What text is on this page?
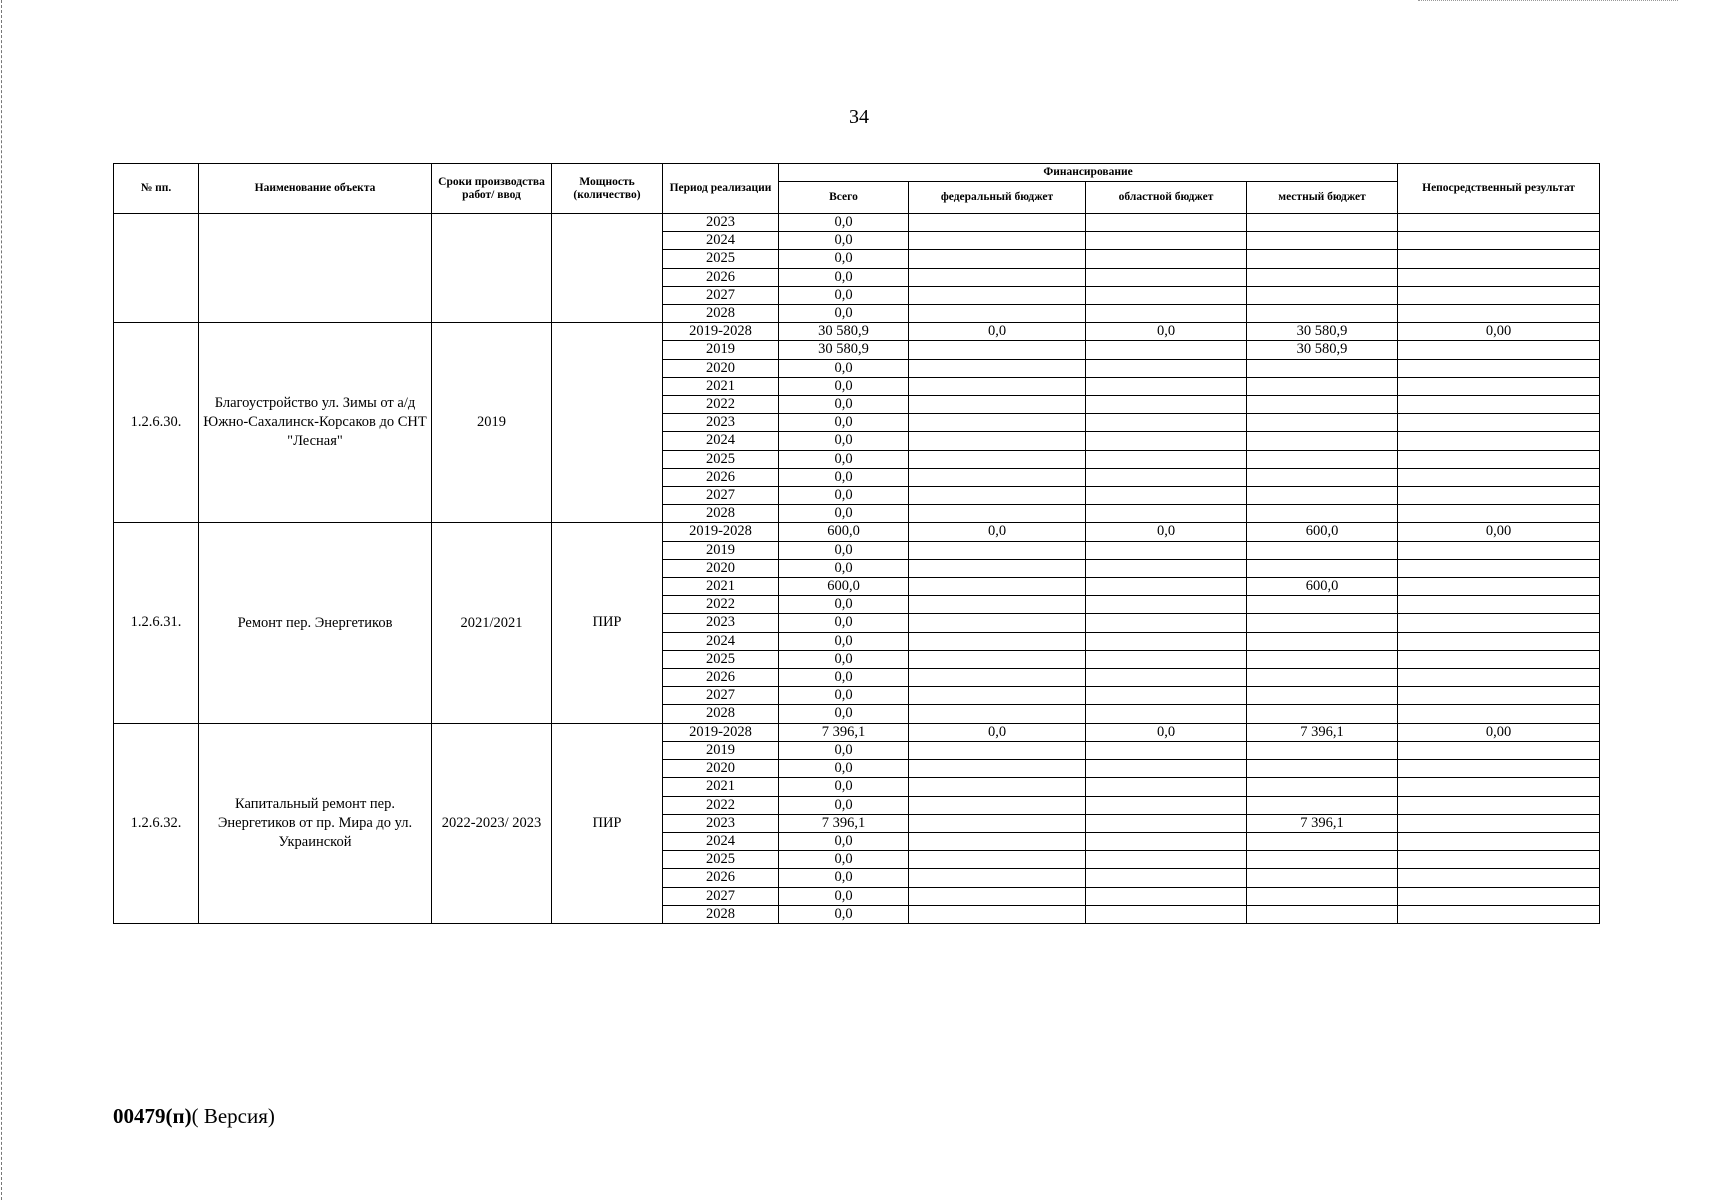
34
№ пп.	Наименование объекта	Сроки производства работ/ ввод	Мощность (количество)	Период реализации	Финансирование				Непосредственный результат
					Всего	федеральный бюджет	областной бюджет	местный бюджет	
				2023	0,0				
				2024	0,0				
				2025	0,0				
				2026	0,0				
				2027	0,0				
				2028	0,0				
1.2.6.30.	Благоустройство ул. Зимы от а/д Южно-Сахалинск-Корсаков до СНТ "Лесная"	2019		2019-2028	30 580,9	0,0	0,0	30 580,9	0,00
				2019	30 580,9			30 580,9	
				2020	0,0				
				2021	0,0				
				2022	0,0				
				2023	0,0				
				2024	0,0				
				2025	0,0				
				2026	0,0				
				2027	0,0				
				2028	0,0				
1.2.6.31.	Ремонт пер. Энергетиков	2021/2021	ПИР	2019-2028	600,0	0,0	0,0	600,0	0,00
				2019	0,0				
				2020	0,0				
				2021	600,0			600,0	
				2022	0,0				
				2023	0,0				
				2024	0,0				
				2025	0,0				
				2026	0,0				
				2027	0,0				
				2028	0,0				
1.2.6.32.	Капитальный ремонт пер. Энергетиков от пр. Мира до ул. Украинской	2022-2023/ 2023	ПИР	2019-2028	7 396,1	0,0	0,0	7 396,1	0,00
				2019	0,0				
				2020	0,0				
				2021	0,0				
				2022	0,0				
				2023	7 396,1			7 396,1	
				2024	0,0				
				2025	0,0				
				2026	0,0				
				2027	0,0				
				2028	0,0				
00479(п)( Версия)
